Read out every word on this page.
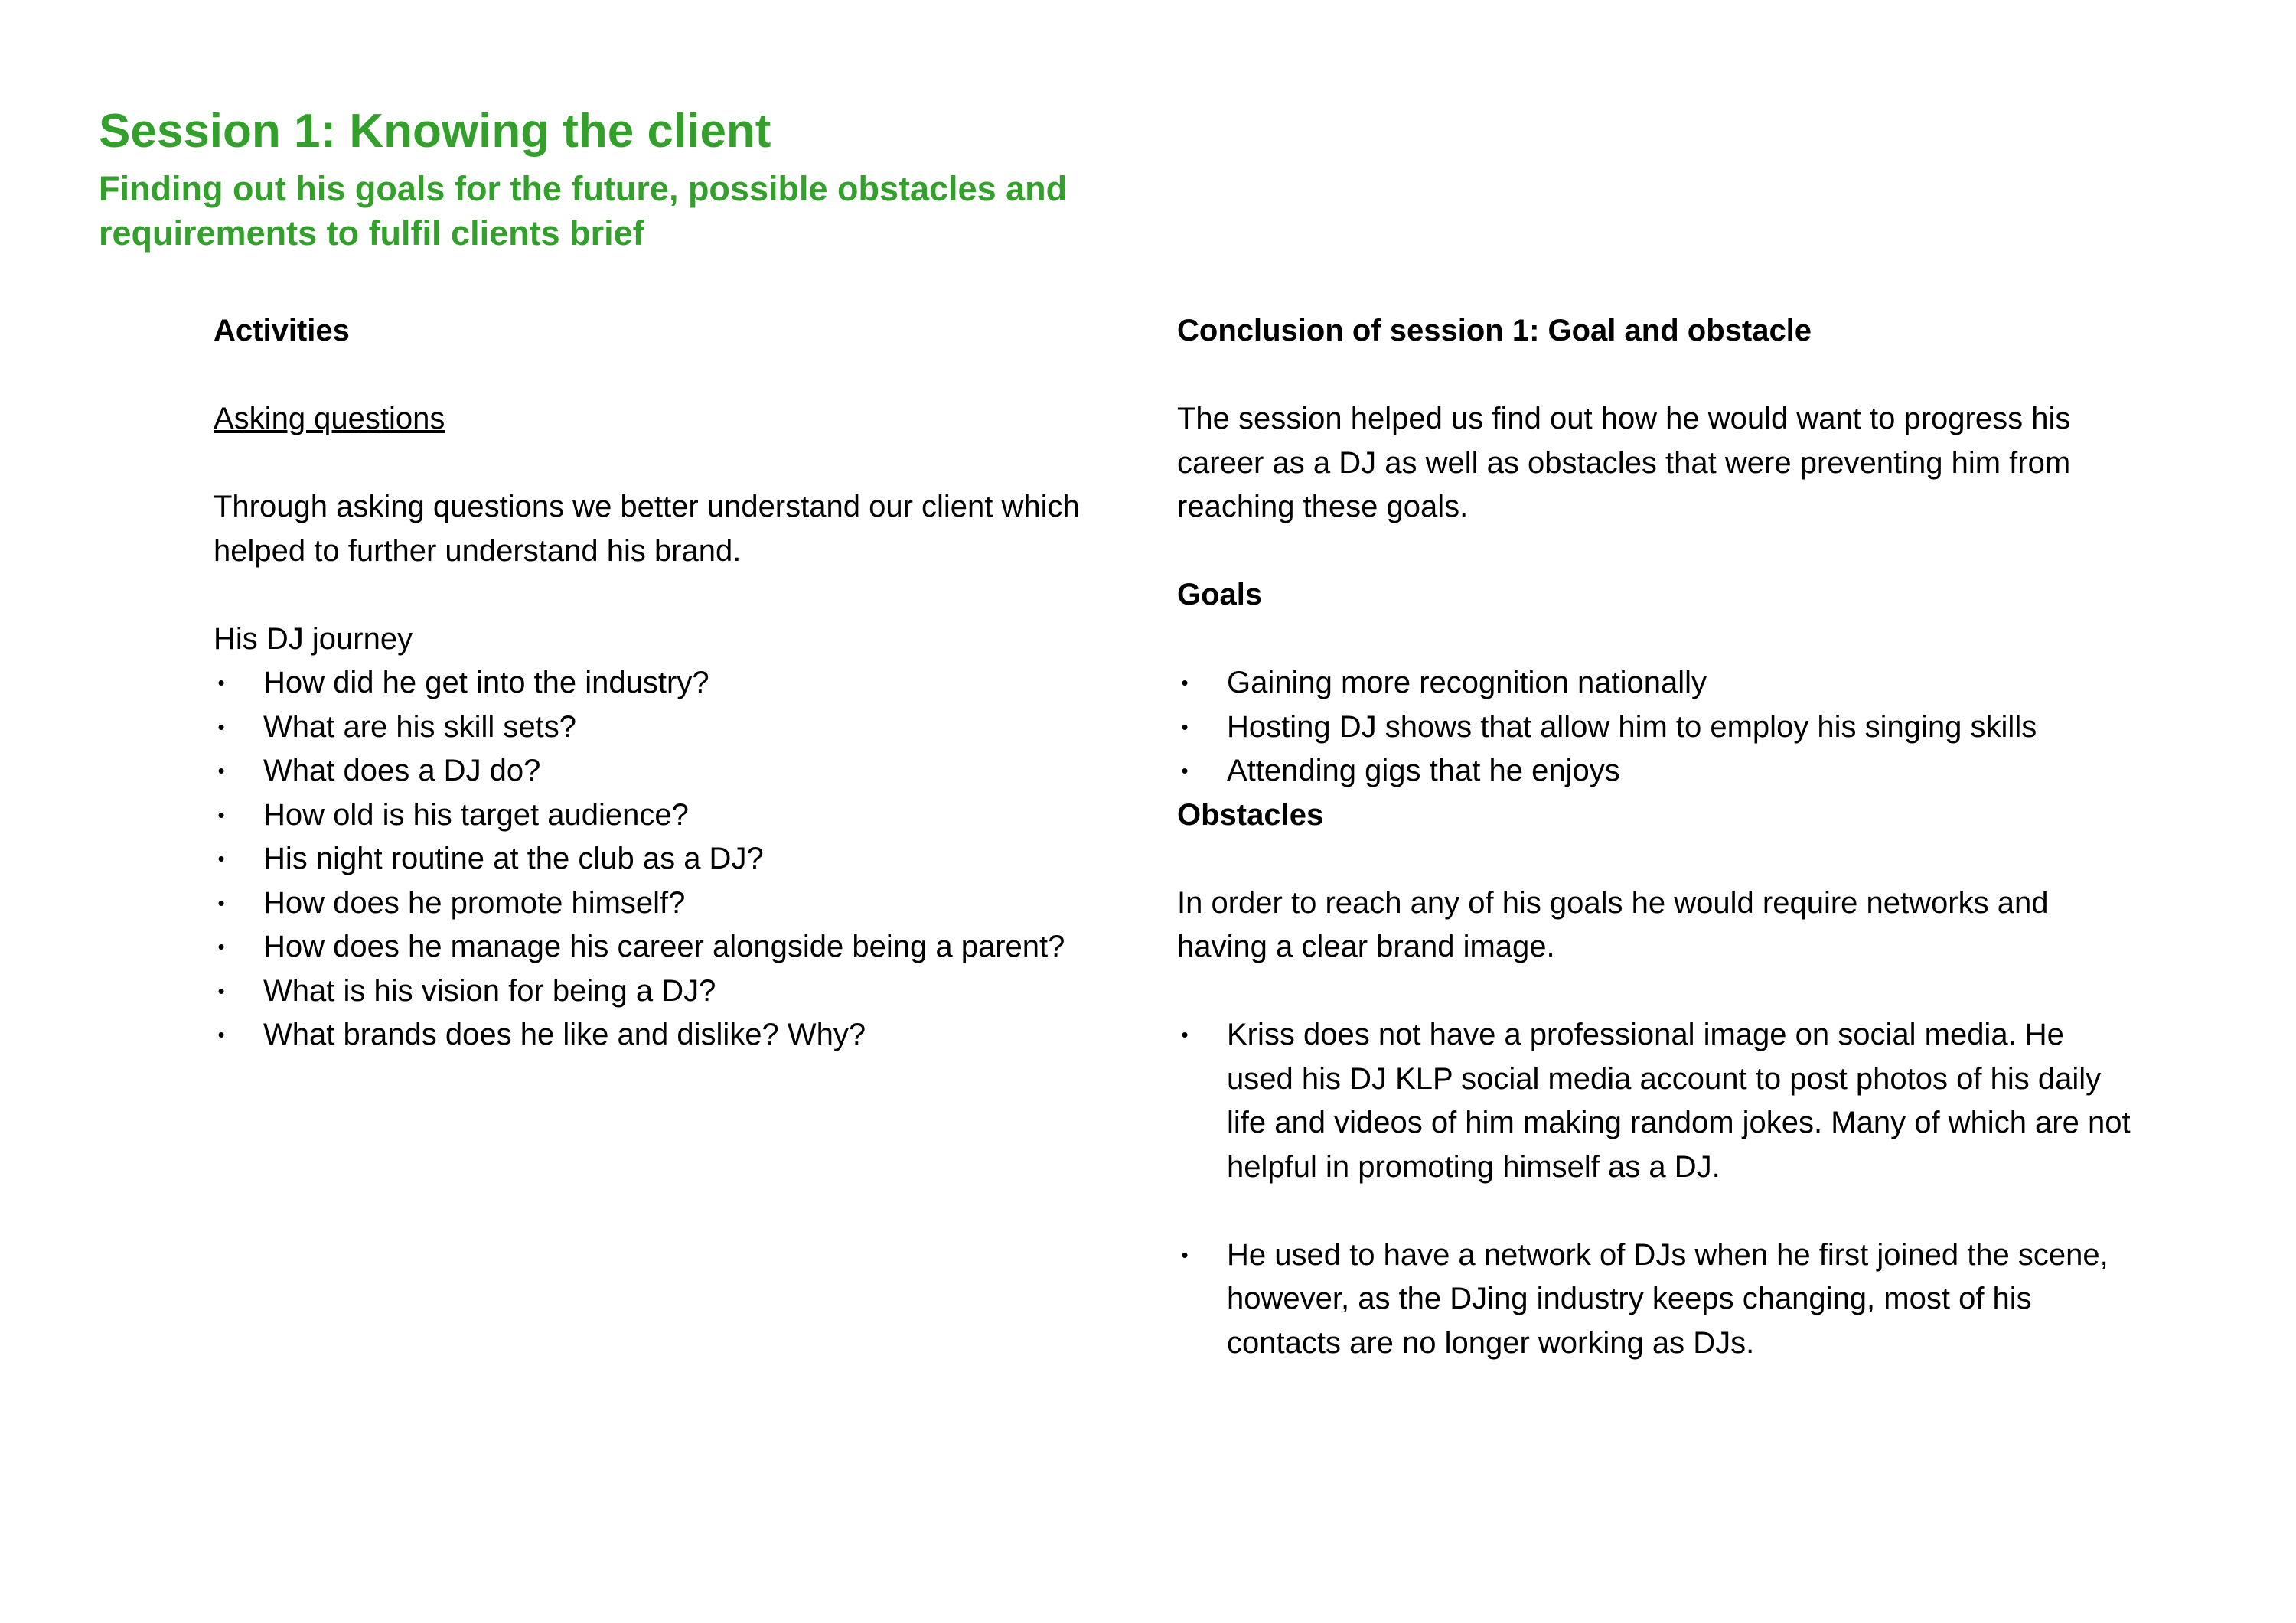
Session 1: Knowing the client
Finding out his goals for the future, possible obstacles and requirements to fulfil clients brief

Activities

Asking questions

Through asking questions we better understand our client which helped to further understand his brand.

His DJ journey

• How did he get into the industry?
• What are his skill sets?
• What does a DJ do?
• How old is his target audience?
• His night routine at the club as a DJ?
• How does he promote himself?
• How does he manage his career alongside being a parent?
• What is his vision for being a DJ?
• What brands does he like and dislike? Why?

Conclusion of session 1: Goal and obstacle

The session helped us find out how he would want to progress his career as a DJ as well as obstacles that were preventing him from reaching these goals.

Goals

• Gaining more recognition nationally
• Hosting DJ shows that allow him to employ his singing skills
• Attending gigs that he enjoys

Obstacles

In order to reach any of his goals he would require networks and having a clear brand image.

• Kriss does not have a professional image on social media. He used his DJ KLP social media account to post photos of his daily life and videos of him making random jokes. Many of which are not helpful in promoting himself as a DJ.
• He used to have a network of DJs when he first joined the scene, however, as the DJing industry keeps changing, most of his contacts are no longer working as DJs.
